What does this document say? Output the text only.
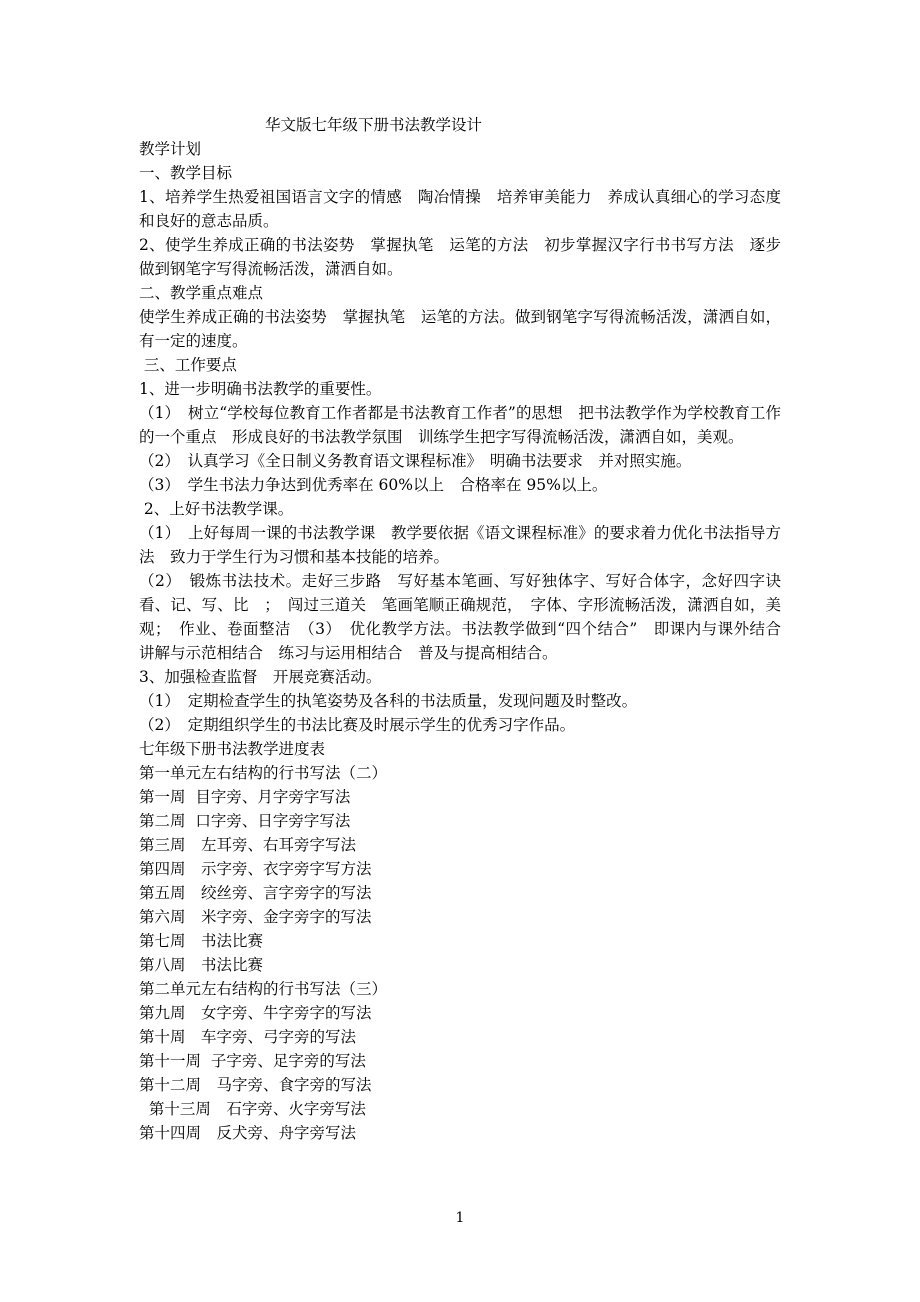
华文版七年级下册书法教学设计
教学计划
一、教学目标
1、培养学生热爱祖国语言文字的情感　陶冶情操　培养审美能力　养成认真细心的学习态度和良好的意志品质。
2、使学生养成正确的书法姿势　掌握执笔　运笔的方法　初步掌握汉字行书书写方法　逐步做到钢笔字写得流畅活泼，潇洒自如。
二、教学重点难点
使学生养成正确的书法姿势　掌握执笔　运笔的方法。做到钢笔字写得流畅活泼，潇洒自如，有一定的速度。
三、工作要点
1、进一步明确书法教学的重要性。
（1）　树立“学校每位教育工作者都是书法教育工作者”的思想　把书法教学作为学校教育工作的一个重点　形成良好的书法教学氛围　训练学生把字写得流畅活泼，潇洒自如，美观。
（2）　认真学习《全日制义务教育语文课程标准》　明确书法要求　并对照实施。
（3）　学生书法力争达到优秀率在 60%以上　合格率在 95%以上。
2、上好书法教学课。
（1）　上好每周一课的书法教学课　教学要依据《语文课程标准》的要求着力优化书法指导方法　致力于学生行为习惯和基本技能的培养。
（2）　锻炼书法技术。走好三步路　写好基本笔画、写好独体字、写好合体字，念好四字诀　看、记、写、比　；　闯过三道关　笔画笔顺正确规范，　字体、字形流畅活泼，潇洒自如，美观；　作业、卷面整洁　（3）　优化教学方法。书法教学做到“四个结合”　即课内与课外结合　讲解与示范相结合　练习与运用相结合　普及与提高相结合。
3、加强检查监督　开展竞赛活动。
（1）　定期检查学生的执笔姿势及各科的书法质量，发现问题及时整改。
（2）　定期组织学生的书法比赛及时展示学生的优秀习字作品。
七年级下册书法教学进度表
第一单元左右结构的行书写法（二）
第一周  目字旁、月字旁字写法
第二周  口字旁、日字旁字写法
第三周　左耳旁、右耳旁字写法
第四周　示字旁、衣字旁字写方法
第五周　绞丝旁、言字旁字的写法
第六周　米字旁、金字旁字的写法
第七周　书法比赛
第八周　书法比赛
第二单元左右结构的行书写法（三）
第九周　女字旁、牛字旁字的写法
第十周　车字旁、弓字旁的写法
第十一周  子字旁、足字旁的写法
第十二周　马字旁、食字旁的写法
第十三周　石字旁、火字旁写法
第十四周　反犬旁、舟字旁写法
1
